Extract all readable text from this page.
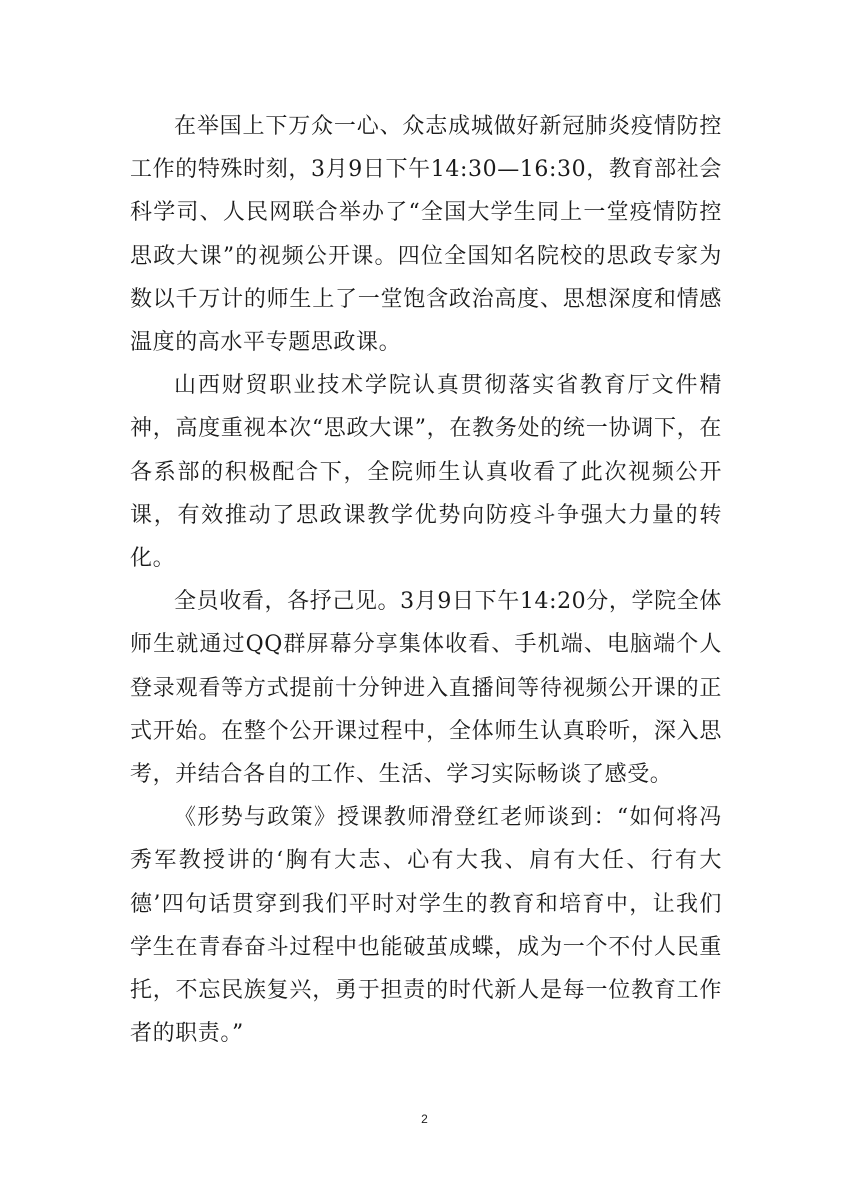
在举国上下万众一心、众志成城做好新冠肺炎疫情防控工作的特殊时刻，3月9日下午14:30—16:30，教育部社会科学司、人民网联合举办了“全国大学生同上一堂疫情防控思政大课”的视频公开课。四位全国知名院校的思政专家为数以千万计的师生上了一堂饱含政治高度、思想深度和情感温度的高水平专题思政课。

山西财贸职业技术学院认真贯彻落实省教育厅文件精神，高度重视本次“思政大课”，在教务处的统一协调下，在各系部的积极配合下，全院师生认真收看了此次视频公开课，有效推动了思政课教学优势向防疫斗争强大力量的转化。

全员收看，各抒己见。3月9日下午14:20分，学院全体师生就通过QQ群屏幕分享集体收看、手机端、电脑端个人登录观看等方式提前十分钟进入直播间等待视频公开课的正式开始。在整个公开课过程中，全体师生认真聆听，深入思考，并结合各自的工作、生活、学习实际畅谈了感受。

《形势与政策》授课教师滑登红老师谈到：“如何将冯秀军教授讲的‘胸有大志、心有大我、肩有大任、行有大德’四句话贯穿到我们平时对学生的教育和培育中，让我们学生在青春奋斗过程中也能破茧成蝶，成为一个不付人民重托，不忘民族复兴，勇于担责的时代新人是每一位教育工作者的职责。”

2
